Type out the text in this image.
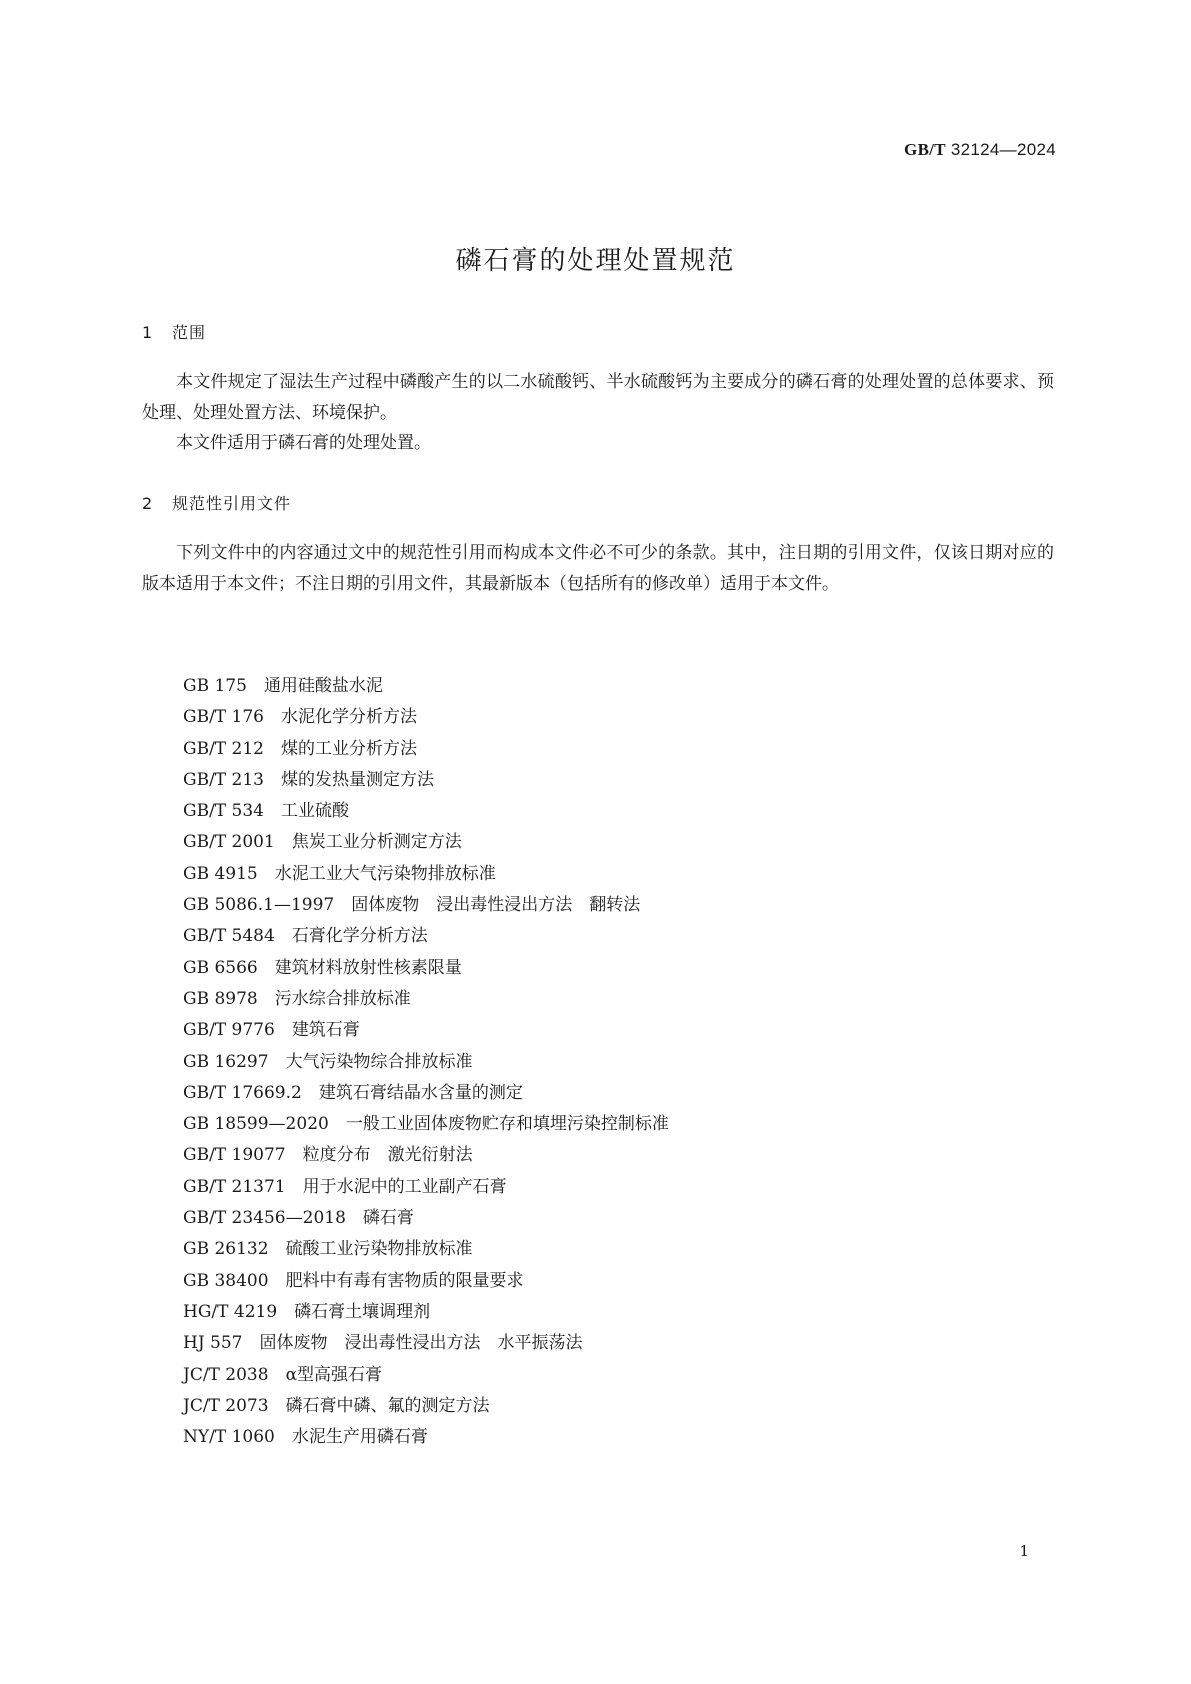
GB/T 32124—2024
磷石膏的处理处置规范
1 范围

本文件规定了湿法生产过程中磷酸产生的以二水硫酸钙、半水硫酸钙为主要成分的磷石膏的处理处置的总体要求、预处理、处理处置方法、环境保护。

本文件适用于磷石膏的处理处置。

2 规范性引用文件

下列文件中的内容通过文中的规范性引用而构成本文件必不可少的条款。其中，注日期的引用文件，仅该日期对应的版本适用于本文件；不注日期的引用文件，其最新版本（包括所有的修改单）适用于本文件。

GB 175 通用硅酸盐水泥
GB/T 176 水泥化学分析方法
GB/T 212 煤的工业分析方法
GB/T 213 煤的发热量测定方法
GB/T 534 工业硫酸
GB/T 2001 焦炭工业分析测定方法
GB 4915 水泥工业大气污染物排放标准
GB 5086.1—1997 固体废物　浸出毒性浸出方法　翻转法
GB/T 5484 石膏化学分析方法
GB 6566 建筑材料放射性核素限量
GB 8978 污水综合排放标准
GB/T 9776 建筑石膏
GB 16297 大气污染物综合排放标准
GB/T 17669.2 建筑石膏结晶水含量的测定
GB 18599—2020 一般工业固体废物贮存和填埋污染控制标准
GB/T 19077 粒度分布　激光衍射法
GB/T 21371 用于水泥中的工业副产石膏
GB/T 23456—2018 磷石膏
GB 26132 硫酸工业污染物排放标准
GB 38400 肥料中有毒有害物质的限量要求
HG/T 4219 磷石膏土壤调理剂
HJ 557 固体废物　浸出毒性浸出方法　水平振荡法
JC/T 2038 α型高强石膏
JC/T 2073 磷石膏中磷、氟的测定方法
NY/T 1060 水泥生产用磷石膏
1
